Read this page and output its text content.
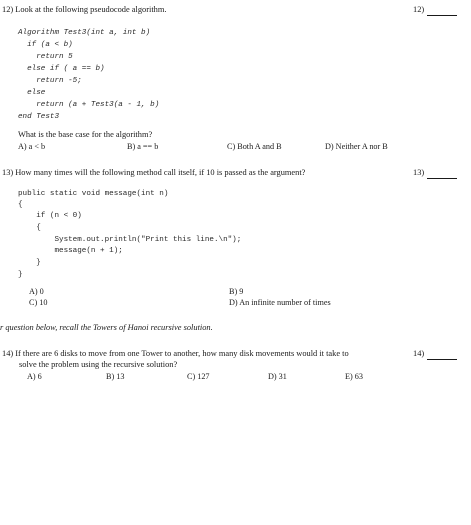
12) Look at the following pseudocode algorithm.	12)
Algorithm Test3(int a, int b)
if (a < b)
return 5
else if ( a == b)
return -5;
else
return (a + Test3(a - 1, b)
end Test3
What is the base case for the algorithm?
A) a < b	B) a == b	C) Both A and B	D) Neither A nor B
13) How many times will the following method call itself, if 10 is passed as the argument?	13)
public static void message(int n)
{
if (n < 0)
{
System.out.println("Print this line.\n");
message(n + 1);
}
}
A) 0	B) 9
C) 10	D) An infinite number of times
r question below, recall the Towers of Hanoi recursive solution.
14) If there are 6 disks to move from one Tower to another, how many disk movements would it take to
solve the problem using the recursive solution?
14)
A) 6	B) 13	C) 127	D) 31	E) 63
